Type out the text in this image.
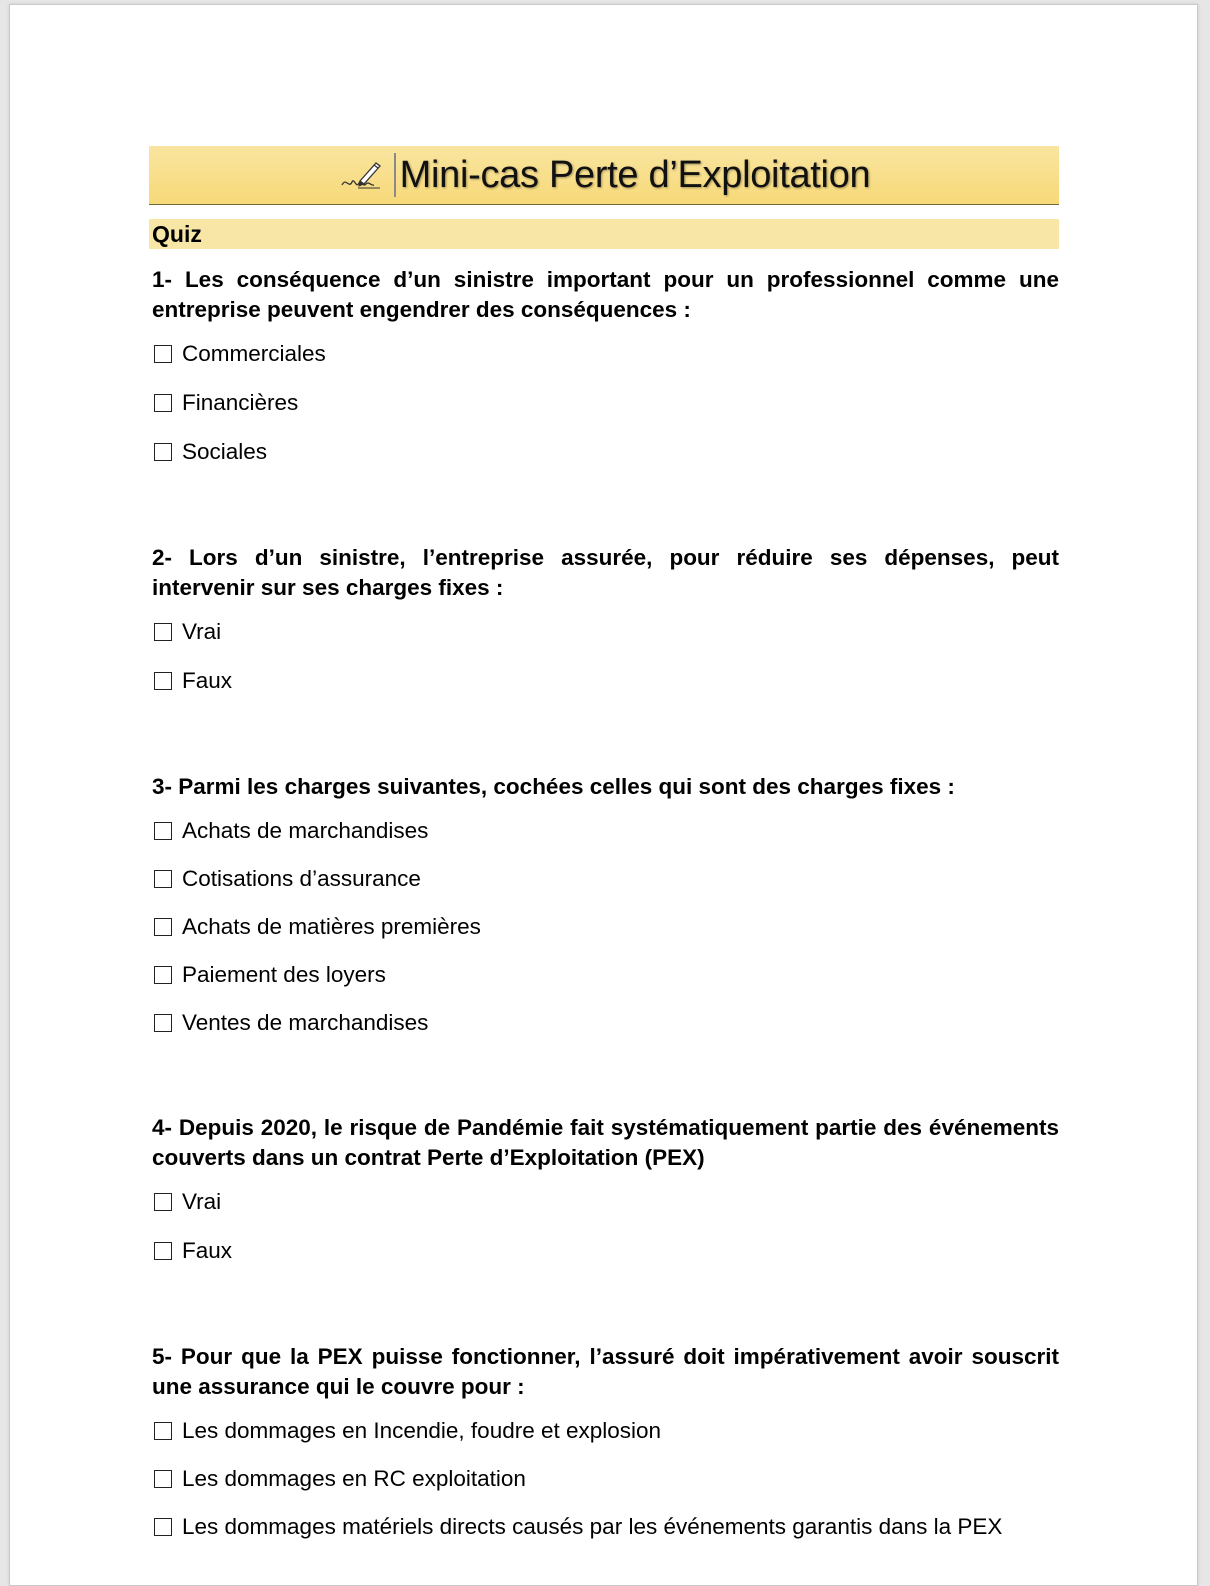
Mini-cas Perte d’Exploitation
Quiz
1- Les conséquence d’un sinistre important pour un professionnel comme une entreprise peuvent engendrer des conséquences :
Commerciales
Financières
Sociales
2- Lors d’un sinistre, l’entreprise assurée, pour réduire ses dépenses, peut intervenir sur ses charges fixes :
Vrai
Faux
3- Parmi les charges suivantes, cochées celles qui sont des charges fixes :
Achats de marchandises
Cotisations d’assurance
Achats de matières premières
Paiement des loyers
Ventes de marchandises
4- Depuis 2020, le risque de Pandémie fait systématiquement partie des événements couverts dans un contrat Perte d’Exploitation (PEX)
Vrai
Faux
5- Pour que la PEX puisse fonctionner, l’assuré doit impérativement avoir souscrit une assurance qui le couvre pour :
Les dommages en Incendie, foudre et explosion
Les dommages en RC exploitation
Les dommages matériels directs causés par les événements garantis dans la PEX
